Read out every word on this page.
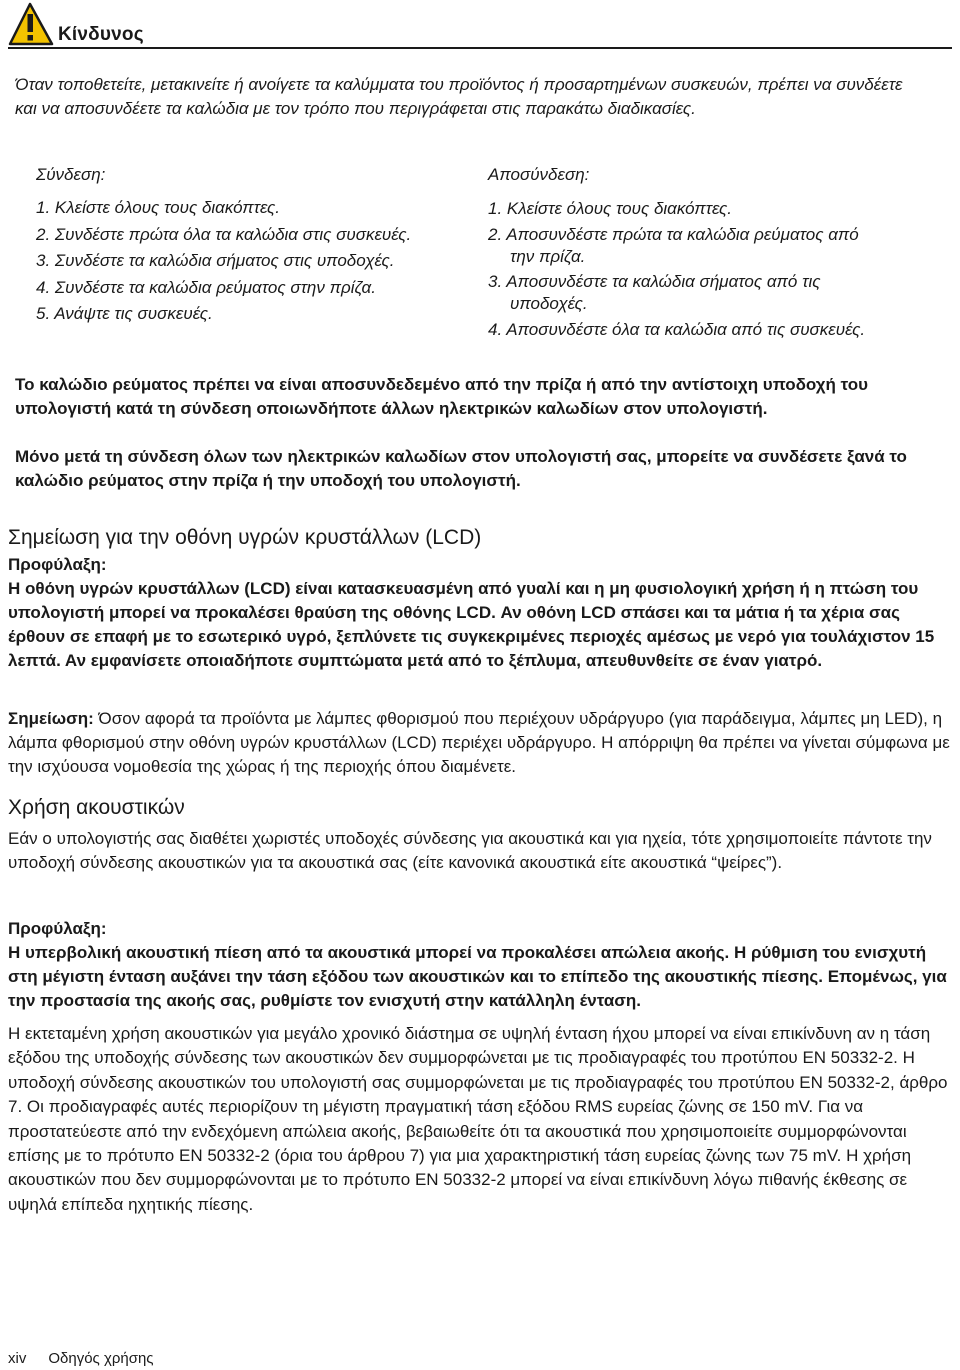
Κίνδυνος
Όταν τοποθετείτε, μετακινείτε ή ανοίγετε τα καλύμματα του προϊόντος ή προσαρτημένων συσκευών, πρέπει να συνδέετε και να αποσυνδέετε τα καλώδια με τον τρόπο που περιγράφεται στις παρακάτω διαδικασίες.
Σύνδεση:
1. Κλείστε όλους τους διακόπτες.
2. Συνδέστε πρώτα όλα τα καλώδια στις συσκευές.
3. Συνδέστε τα καλώδια σήματος στις υποδοχές.
4. Συνδέστε τα καλώδια ρεύματος στην πρίζα.
5. Ανάψτε τις συσκευές.
Αποσύνδεση:
1. Κλείστε όλους τους διακόπτες.
2. Αποσυνδέστε πρώτα τα καλώδια ρεύματος από
την πρίζα.
3. Αποσυνδέστε τα καλώδια σήματος από τις
υποδοχές.
4. Αποσυνδέστε όλα τα καλώδια από τις συσκευές.
Το καλώδιο ρεύματος πρέπει να είναι αποσυνδεδεμένο από την πρίζα ή από την αντίστοιχη υποδοχή του υπολογιστή κατά τη σύνδεση οποιωνδήποτε άλλων ηλεκτρικών καλωδίων στον υπολογιστή.
Μόνο μετά τη σύνδεση όλων των ηλεκτρικών καλωδίων στον υπολογιστή σας, μπορείτε να συνδέσετε ξανά το καλώδιο ρεύματος στην πρίζα ή την υποδοχή του υπολογιστή.
Σημείωση για την οθόνη υγρών κρυστάλλων (LCD)
Προφύλαξη:
Η οθόνη υγρών κρυστάλλων (LCD) είναι κατασκευασμένη από γυαλί και η μη φυσιολογική χρήση ή η πτώση του υπολογιστή μπορεί να προκαλέσει θραύση της οθόνης LCD. Αν οθόνη LCD σπάσει και τα μάτια ή τα χέρια σας έρθουν σε επαφή με το εσωτερικό υγρό, ξεπλύνετε τις συγκεκριμένες περιοχές αμέσως με νερό για τουλάχιστον 15 λεπτά. Αν εμφανίσετε οποιαδήποτε συμπτώματα μετά από το ξέπλυμα, απευθυνθείτε σε έναν γιατρό.
Σημείωση: Όσον αφορά τα προϊόντα με λάμπες φθορισμού που περιέχουν υδράργυρο (για παράδειγμα, λάμπες μη LED), η λάμπα φθορισμού στην οθόνη υγρών κρυστάλλων (LCD) περιέχει υδράργυρο. Η απόρριψη θα πρέπει να γίνεται σύμφωνα με την ισχύουσα νομοθεσία της χώρας ή της περιοχής όπου διαμένετε.
Χρήση ακουστικών
Εάν ο υπολογιστής σας διαθέτει χωριστές υποδοχές σύνδεσης για ακουστικά και για ηχεία, τότε χρησιμοποιείτε πάντοτε την υποδοχή σύνδεσης ακουστικών για τα ακουστικά σας (είτε κανονικά ακουστικά είτε ακουστικά “ψείρες”).
Προφύλαξη:
Η υπερβολική ακουστική πίεση από τα ακουστικά μπορεί να προκαλέσει απώλεια ακοής. Η ρύθμιση του ενισχυτή στη μέγιστη ένταση αυξάνει την τάση εξόδου των ακουστικών και το επίπεδο της ακουστικής πίεσης. Επομένως, για την προστασία της ακοής σας, ρυθμίστε τον ενισχυτή στην κατάλληλη ένταση.
Η εκτεταμένη χρήση ακουστικών για μεγάλο χρονικό διάστημα σε υψηλή ένταση ήχου μπορεί να είναι επικίνδυνη αν η τάση εξόδου της υποδοχής σύνδεσης των ακουστικών δεν συμμορφώνεται με τις προδιαγραφές του προτύπου EN 50332-2. Η υποδοχή σύνδεσης ακουστικών του υπολογιστή σας συμμορφώνεται με τις προδιαγραφές του προτύπου EN 50332-2, άρθρο 7. Οι προδιαγραφές αυτές περιορίζουν τη μέγιστη πραγματική τάση εξόδου RMS ευρείας ζώνης σε 150 mV. Για να προστατεύεστε από την ενδεχόμενη απώλεια ακοής, βεβαιωθείτε ότι τα ακουστικά που χρησιμοποιείτε συμμορφώνονται επίσης με το πρότυπο EN 50332-2 (όρια του άρθρου 7) για μια χαρακτηριστική τάση ευρείας ζώνης των 75 mV. Η χρήση ακουστικών που δεν συμμορφώνονται με το πρότυπο EN 50332-2 μπορεί να είναι επικίνδυνη λόγω πιθανής έκθεσης σε υψηλά επίπεδα ηχητικής πίεσης.
xiv Οδηγός χρήσης
